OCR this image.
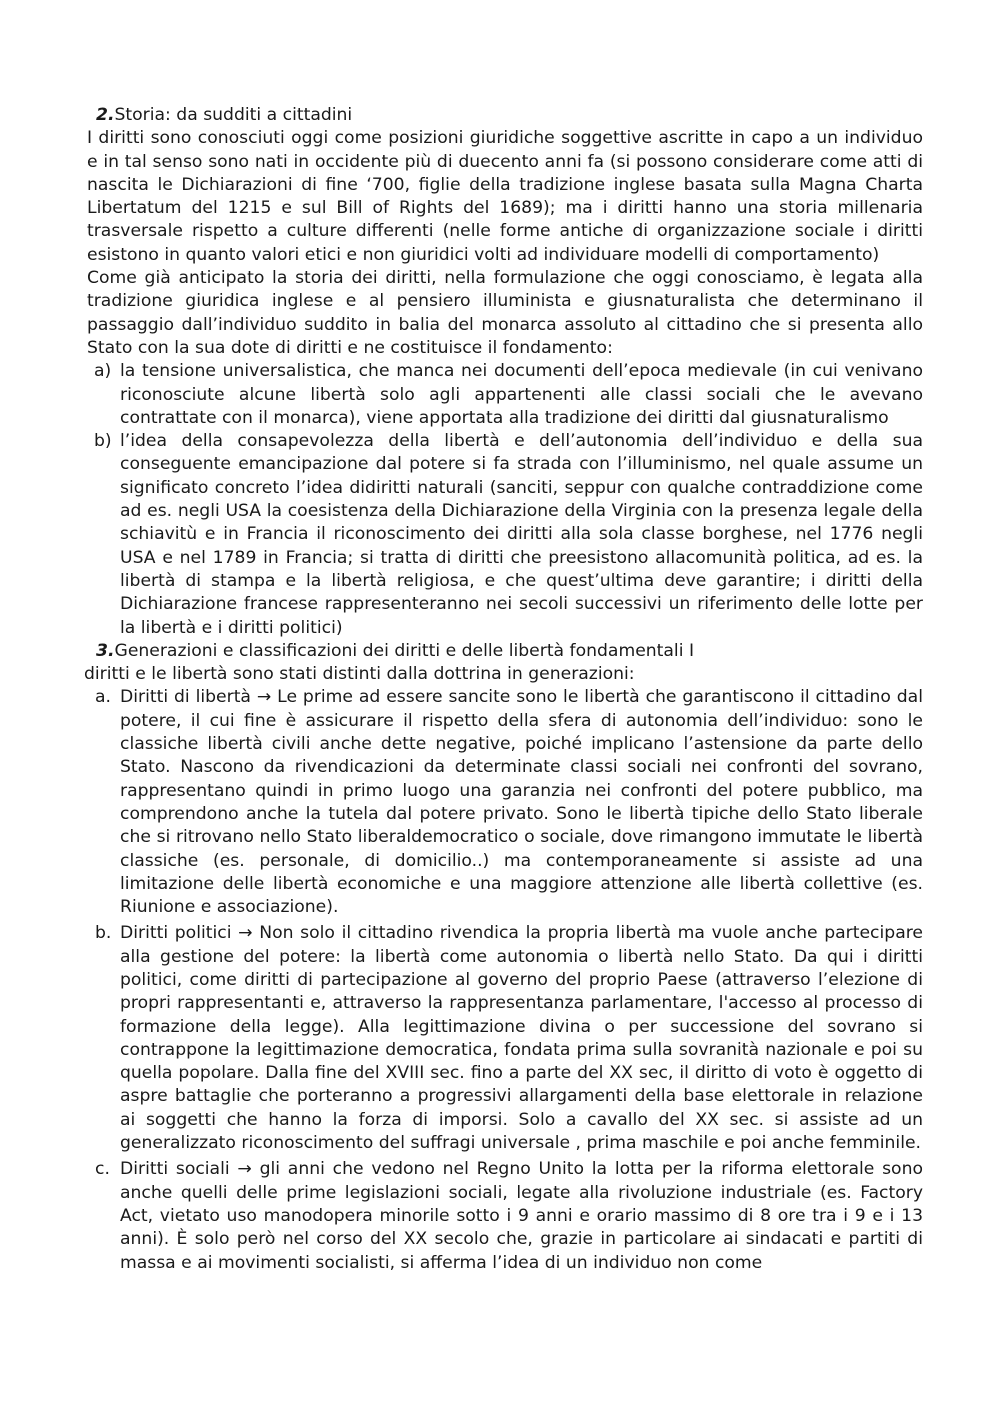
2.Storia: da sudditi a cittadini

I diritti sono conosciuti oggi come posizioni giuridiche soggettive ascritte in capo a un individuo e in tal senso sono nati in occidente più di duecento anni fa (si possono considerare come atti di nascita le Dichiarazioni di fine ‘700, figlie della tradizione inglese basata sulla Magna Charta Libertatum del 1215 e sul Bill of Rights del 1689); ma i diritti hanno una storia millenaria trasversale rispetto a culture differenti (nelle forme antiche di organizzazione sociale i diritti esistono in quanto valori etici e non giuridici volti ad individuare modelli di comportamento)

Come già anticipato la storia dei diritti, nella formulazione che oggi conosciamo, è legata alla tradizione giuridica inglese e al pensiero illuminista e giusnaturalista che determinano il passaggio dall’individuo suddito in balia del monarca assoluto al cittadino che si presenta allo Stato con la sua dote di diritti e ne costituisce il fondamento:

a) la tensione universalistica, che manca nei documenti dell’epoca medievale (in cui venivano riconosciute alcune libertà solo agli appartenenti alle classi sociali che le avevano contrattate con il monarca), viene apportata alla tradizione dei diritti dal giusnaturalismo
b) l’idea della consapevolezza della libertà e dell’autonomia dell’individuo e della sua conseguente emancipazione dal potere si fa strada con l’illuminismo, nel quale assume un significato concreto l’idea didiritti naturali (sanciti, seppur con qualche contraddizione come ad es. negli USA la coesistenza della Dichiarazione della Virginia con la presenza legale della schiavitù e in Francia il riconoscimento dei diritti alla sola classe borghese, nel 1776 negli USA e nel 1789 in Francia; si tratta di diritti che preesistono allacomunità politica, ad es. la libertà di stampa e la libertà religiosa, e che quest’ultima deve garantire; i diritti della Dichiarazione francese rappresenteranno nei secoli successivi un riferimento delle lotte per la libertà e i diritti politici)
3.Generazioni e classificazioni dei diritti e delle libertà fondamentali I

diritti e le libertà sono stati distinti dalla dottrina in generazioni:

a. Diritti di libertà → Le prime ad essere sancite sono le libertà che garantiscono il cittadino dal potere, il cui fine è assicurare il rispetto della sfera di autonomia dell’individuo: sono le classiche libertà civili anche dette negative, poiché implicano l’astensione da parte dello Stato. Nascono da rivendicazioni da determinate classi sociali nei confronti del sovrano, rappresentano quindi in primo luogo una garanzia nei confronti del potere pubblico, ma comprendono anche la tutela dal potere privato. Sono le libertà tipiche dello Stato liberale che si ritrovano nello Stato liberaldemocratico o sociale, dove rimangono immutate le libertà classiche (es. personale, di domicilio..) ma contemporaneamente si assiste ad una limitazione delle libertà economiche e una maggiore attenzione alle libertà collettive (es. Riunione e associazione).
b. Diritti politici → Non solo il cittadino rivendica la propria libertà ma vuole anche partecipare alla gestione del potere: la libertà come autonomia o libertà nello Stato. Da qui i diritti politici, come diritti di partecipazione al governo del proprio Paese (attraverso l’elezione di propri rappresentanti e, attraverso la rappresentanza parlamentare, l'accesso al processo di formazione della legge). Alla legittimazione divina o per successione del sovrano si contrappone la legittimazione democratica, fondata prima sulla sovranità nazionale e poi su quella popolare. Dalla fine del XVIII sec. fino a parte del XX sec, il diritto di voto è oggetto di aspre battaglie che porteranno a progressivi allargamenti della base elettorale in relazione ai soggetti che hanno la forza di imporsi. Solo a cavallo del XX sec. si assiste ad un generalizzato riconoscimento del suffragi universale , prima maschile e poi anche femminile.
c. Diritti sociali → gli anni che vedono nel Regno Unito la lotta per la riforma elettorale sono anche quelli delle prime legislazioni sociali, legate alla rivoluzione industriale (es. Factory Act, vietato uso manodopera minorile sotto i 9 anni e orario massimo di 8 ore tra i 9 e i 13 anni). È solo però nel corso del XX secolo che, grazie in particolare ai sindacati e partiti di massa e ai movimenti socialisti, si afferma l’idea di un individuo non come
